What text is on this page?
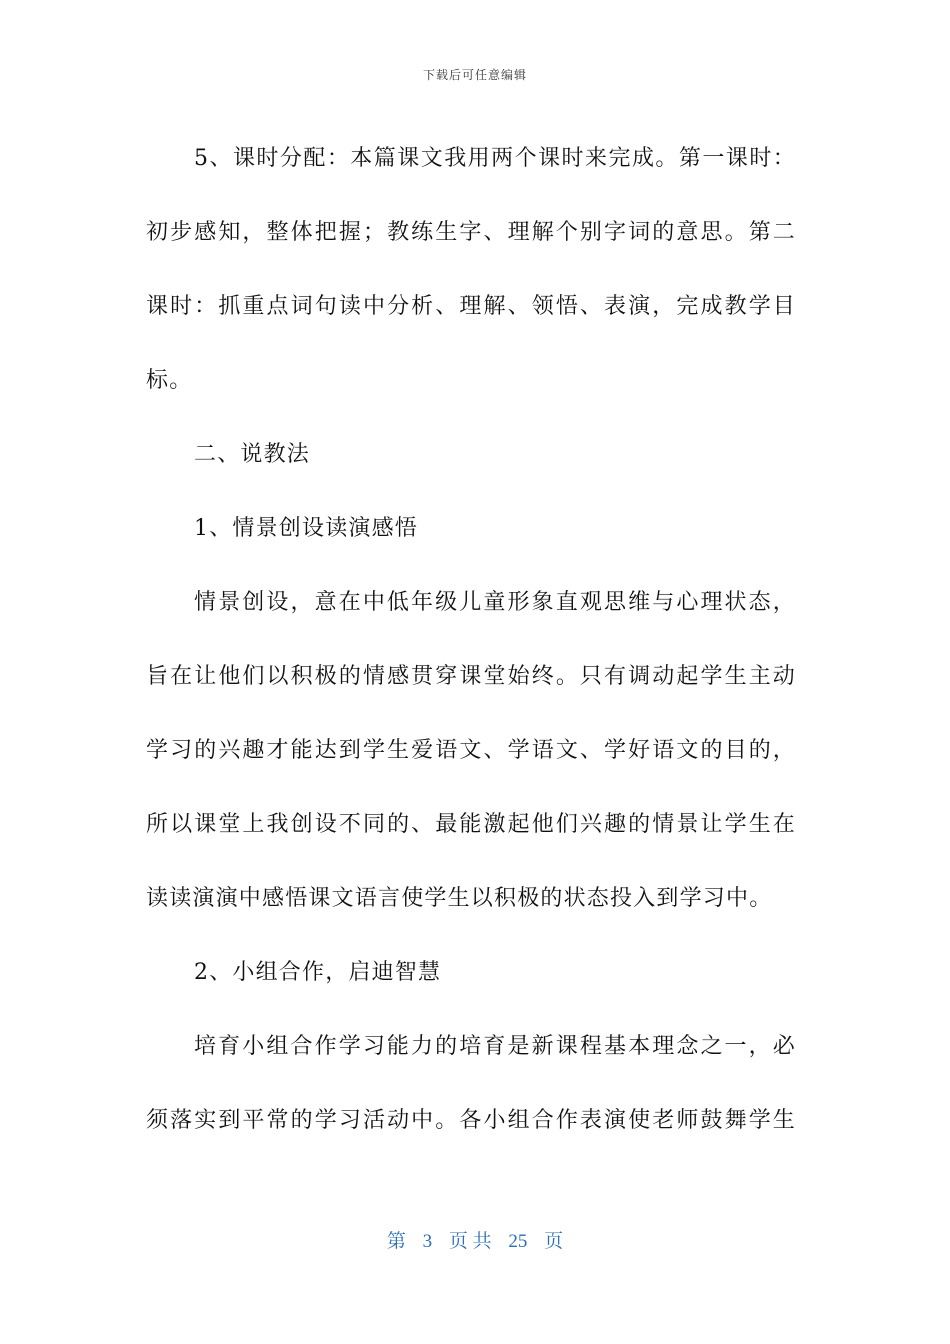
下载后可任意编辑
5、课时分配：本篇课文我用两个课时来完成。第一课时：
初步感知，整体把握；教练生字、理解个别字词的意思。第二
课时：抓重点词句读中分析、理解、领悟、表演，完成教学目
标。
二、说教法
1、情景创设读演感悟
情景创设，意在中低年级儿童形象直观思维与心理状态，
旨在让他们以积极的情感贯穿课堂始终。只有调动起学生主动
学习的兴趣才能达到学生爱语文、学语文、学好语文的目的，
所以课堂上我创设不同的、最能激起他们兴趣的情景让学生在
读读演演中感悟课文语言使学生以积极的状态投入到学习中。
2、小组合作，启迪智慧
培育小组合作学习能力的培育是新课程基本理念之一，必
须落实到平常的学习活动中。各小组合作表演使老师鼓舞学生
第 3 页 共 25 页
